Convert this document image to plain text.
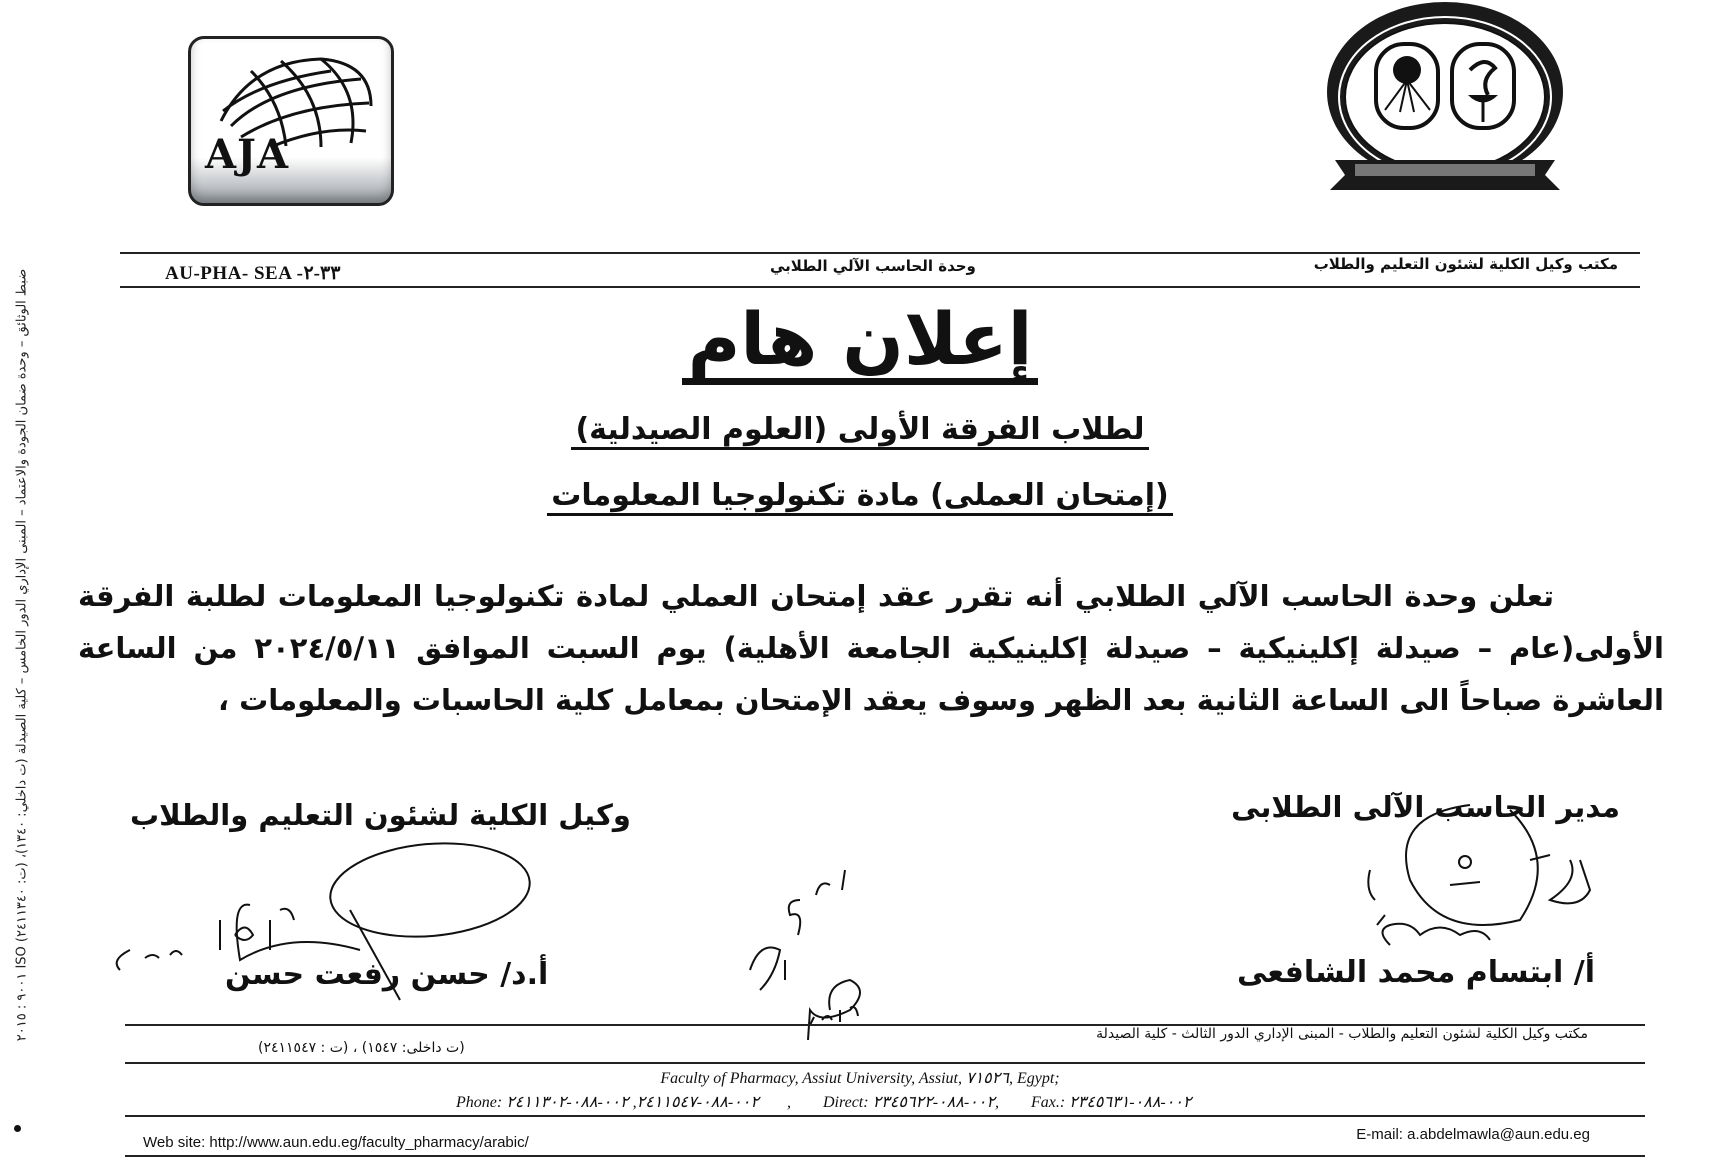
ضبط الوثائق – وحدة ضمان الجودة والاعتماد – المبنى الإداري الدور الخامس – كلية الصيدلة (ت داخلي: ١٣٤٠)، (ت: ٢٤١١٣٤٠) ISO ٩٠٠١ : ٢٠١٥
AJA
مكتب وكيل الكلية لشئون التعليم والطلاب
وحدة الحاسب الآلي الطلابي
AU-PHA- SEA -٣٣-٢
إعلان هام
لطلاب الفرقة الأولى (العلوم الصيدلية)
(إمتحان العملى) مادة تكنولوجيا المعلومات

تعلن وحدة الحاسب الآلي الطلابي أنه تقرر عقد إمتحان العملي لمادة تكنولوجيا المعلومات لطلبة الفرقة الأولى(عام – صيدلة إكلينيكية – صيدلة إكلينيكية الجامعة الأهلية) يوم السبت الموافق ٢٠٢٤/٥/١١ من الساعة العاشرة صباحاً الى الساعة الثانية بعد الظهر وسوف يعقد الإمتحان بمعامل كلية الحاسبات والمعلومات ،

مدير الحاسب الآلى الطلابى
وكيل الكلية لشئون التعليم والطلاب
أ/ ابتسام محمد الشافعى
أ.د/ حسن رفعت حسن
مكتب وكيل الكلية لشئون التعليم والطلاب - المبنى الإداري الدور الثالث - كلية الصيدلة
(ت داخلى: ١٥٤٧) ، (ت : ٢٤١١٥٤٧)
Faculty of Pharmacy, Assiut University, Assiut, ٧١٥٢٦, Egypt;
Phone: ٠٠٢-٠٨٨-٢٤١١٥٤٧, ٠٠٢-٠٨٨-٢٤١١٣٠٢, Direct: ٠٠٢-٠٨٨-٢٣٤٥٦٢٢, Fax.: ٠٠٢-٠٨٨-٢٣٤٥٦٣١
Web site: http://www.aun.edu.eg/faculty_pharmacy/arabic/	E-mail: a.abdelmawla@aun.edu.eg
